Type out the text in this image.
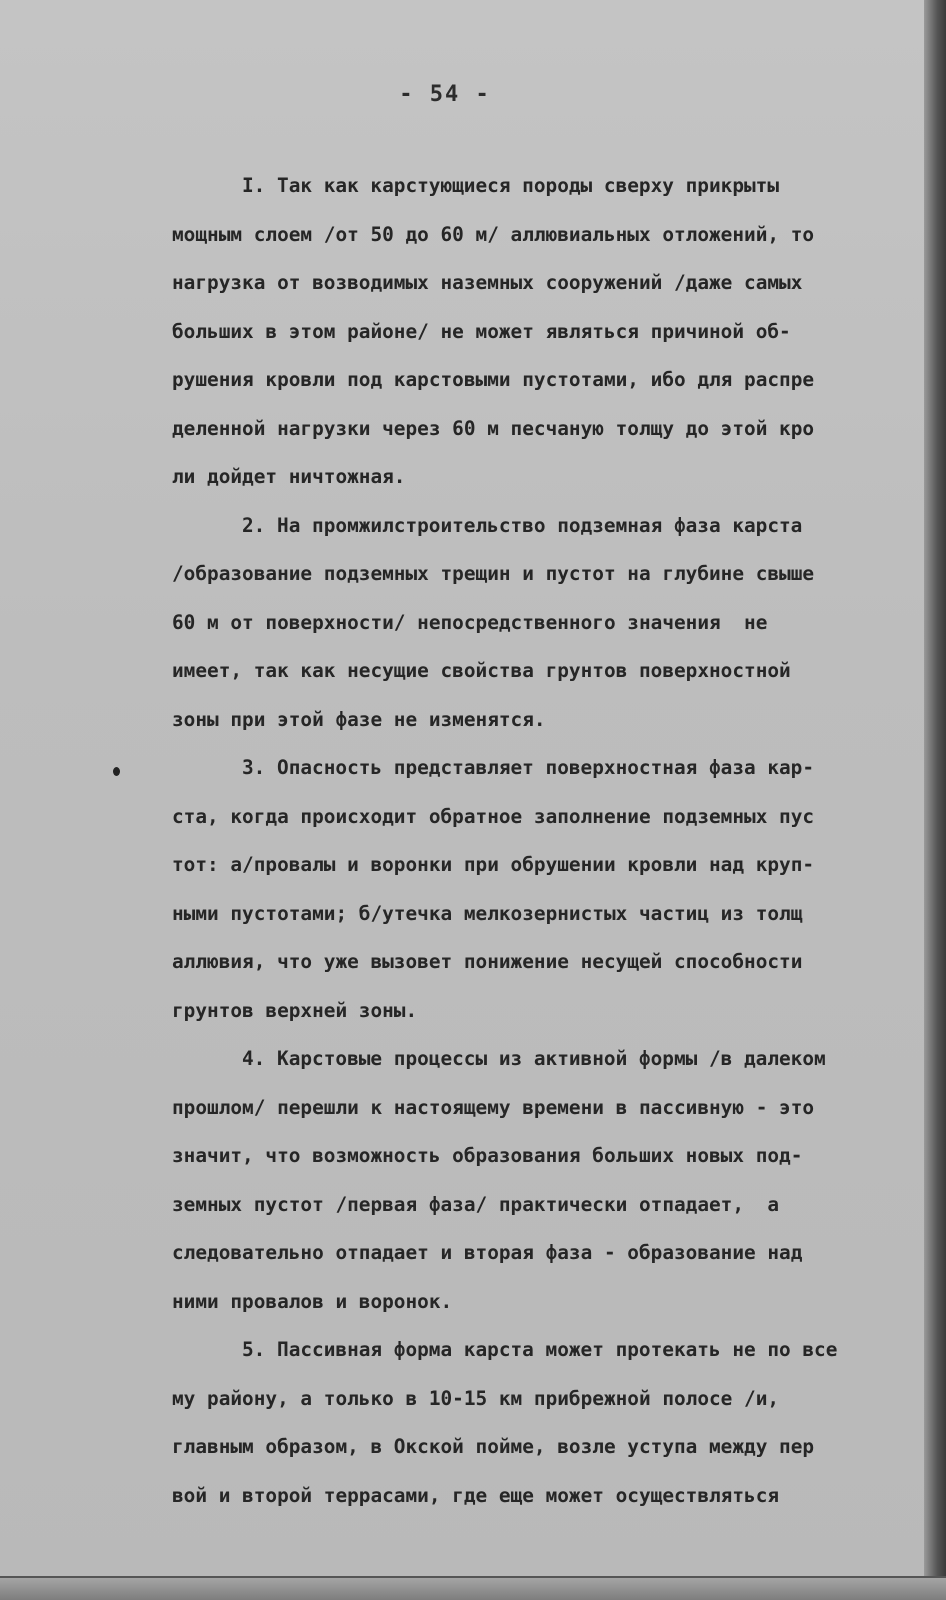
- 54 -
I. Так как карстующиеся породы сверху прикрыты
мощным слоем /от 50 до 60 м/ аллювиальных отложений, то
нагрузка от возводимых наземных сооружений /даже самых
больших в этом районе/ не может являться причиной об-
рушения кровли под карстовыми пустотами, ибо для распре
деленной нагрузки через 60 м песчаную толщу до этой кро
ли дойдет ничтожная.
2. На промжилстроительство подземная фаза карста
/образование подземных трещин и пустот на глубине свыше
60 м от поверхности/ непосредственного значения  не
имеет, так как несущие свойства грунтов поверхностной
зоны при этой фазе не изменятся.
3. Опасность представляет поверхностная фаза кар-
ста, когда происходит обратное заполнение подземных пус
тот: а/провалы и воронки при обрушении кровли над круп-
ными пустотами; б/утечка мелкозернистых частиц из толщ
аллювия, что уже вызовет понижение несущей способности
грунтов верхней зоны.
4. Карстовые процессы из активной формы /в далеком
прошлом/ перешли к настоящему времени в пассивную - это
значит, что возможность образования больших новых под-
земных пустот /первая фаза/ практически отпадает,  а
следовательно отпадает и вторая фаза - образование над
ними провалов и воронок.
5. Пассивная форма карста может протекать не по все
му району, а только в 10-15 км прибрежной полосе /и,
главным образом, в Окской пойме, возле уступа между пер
вой и второй террасами, где еще может осуществляться
